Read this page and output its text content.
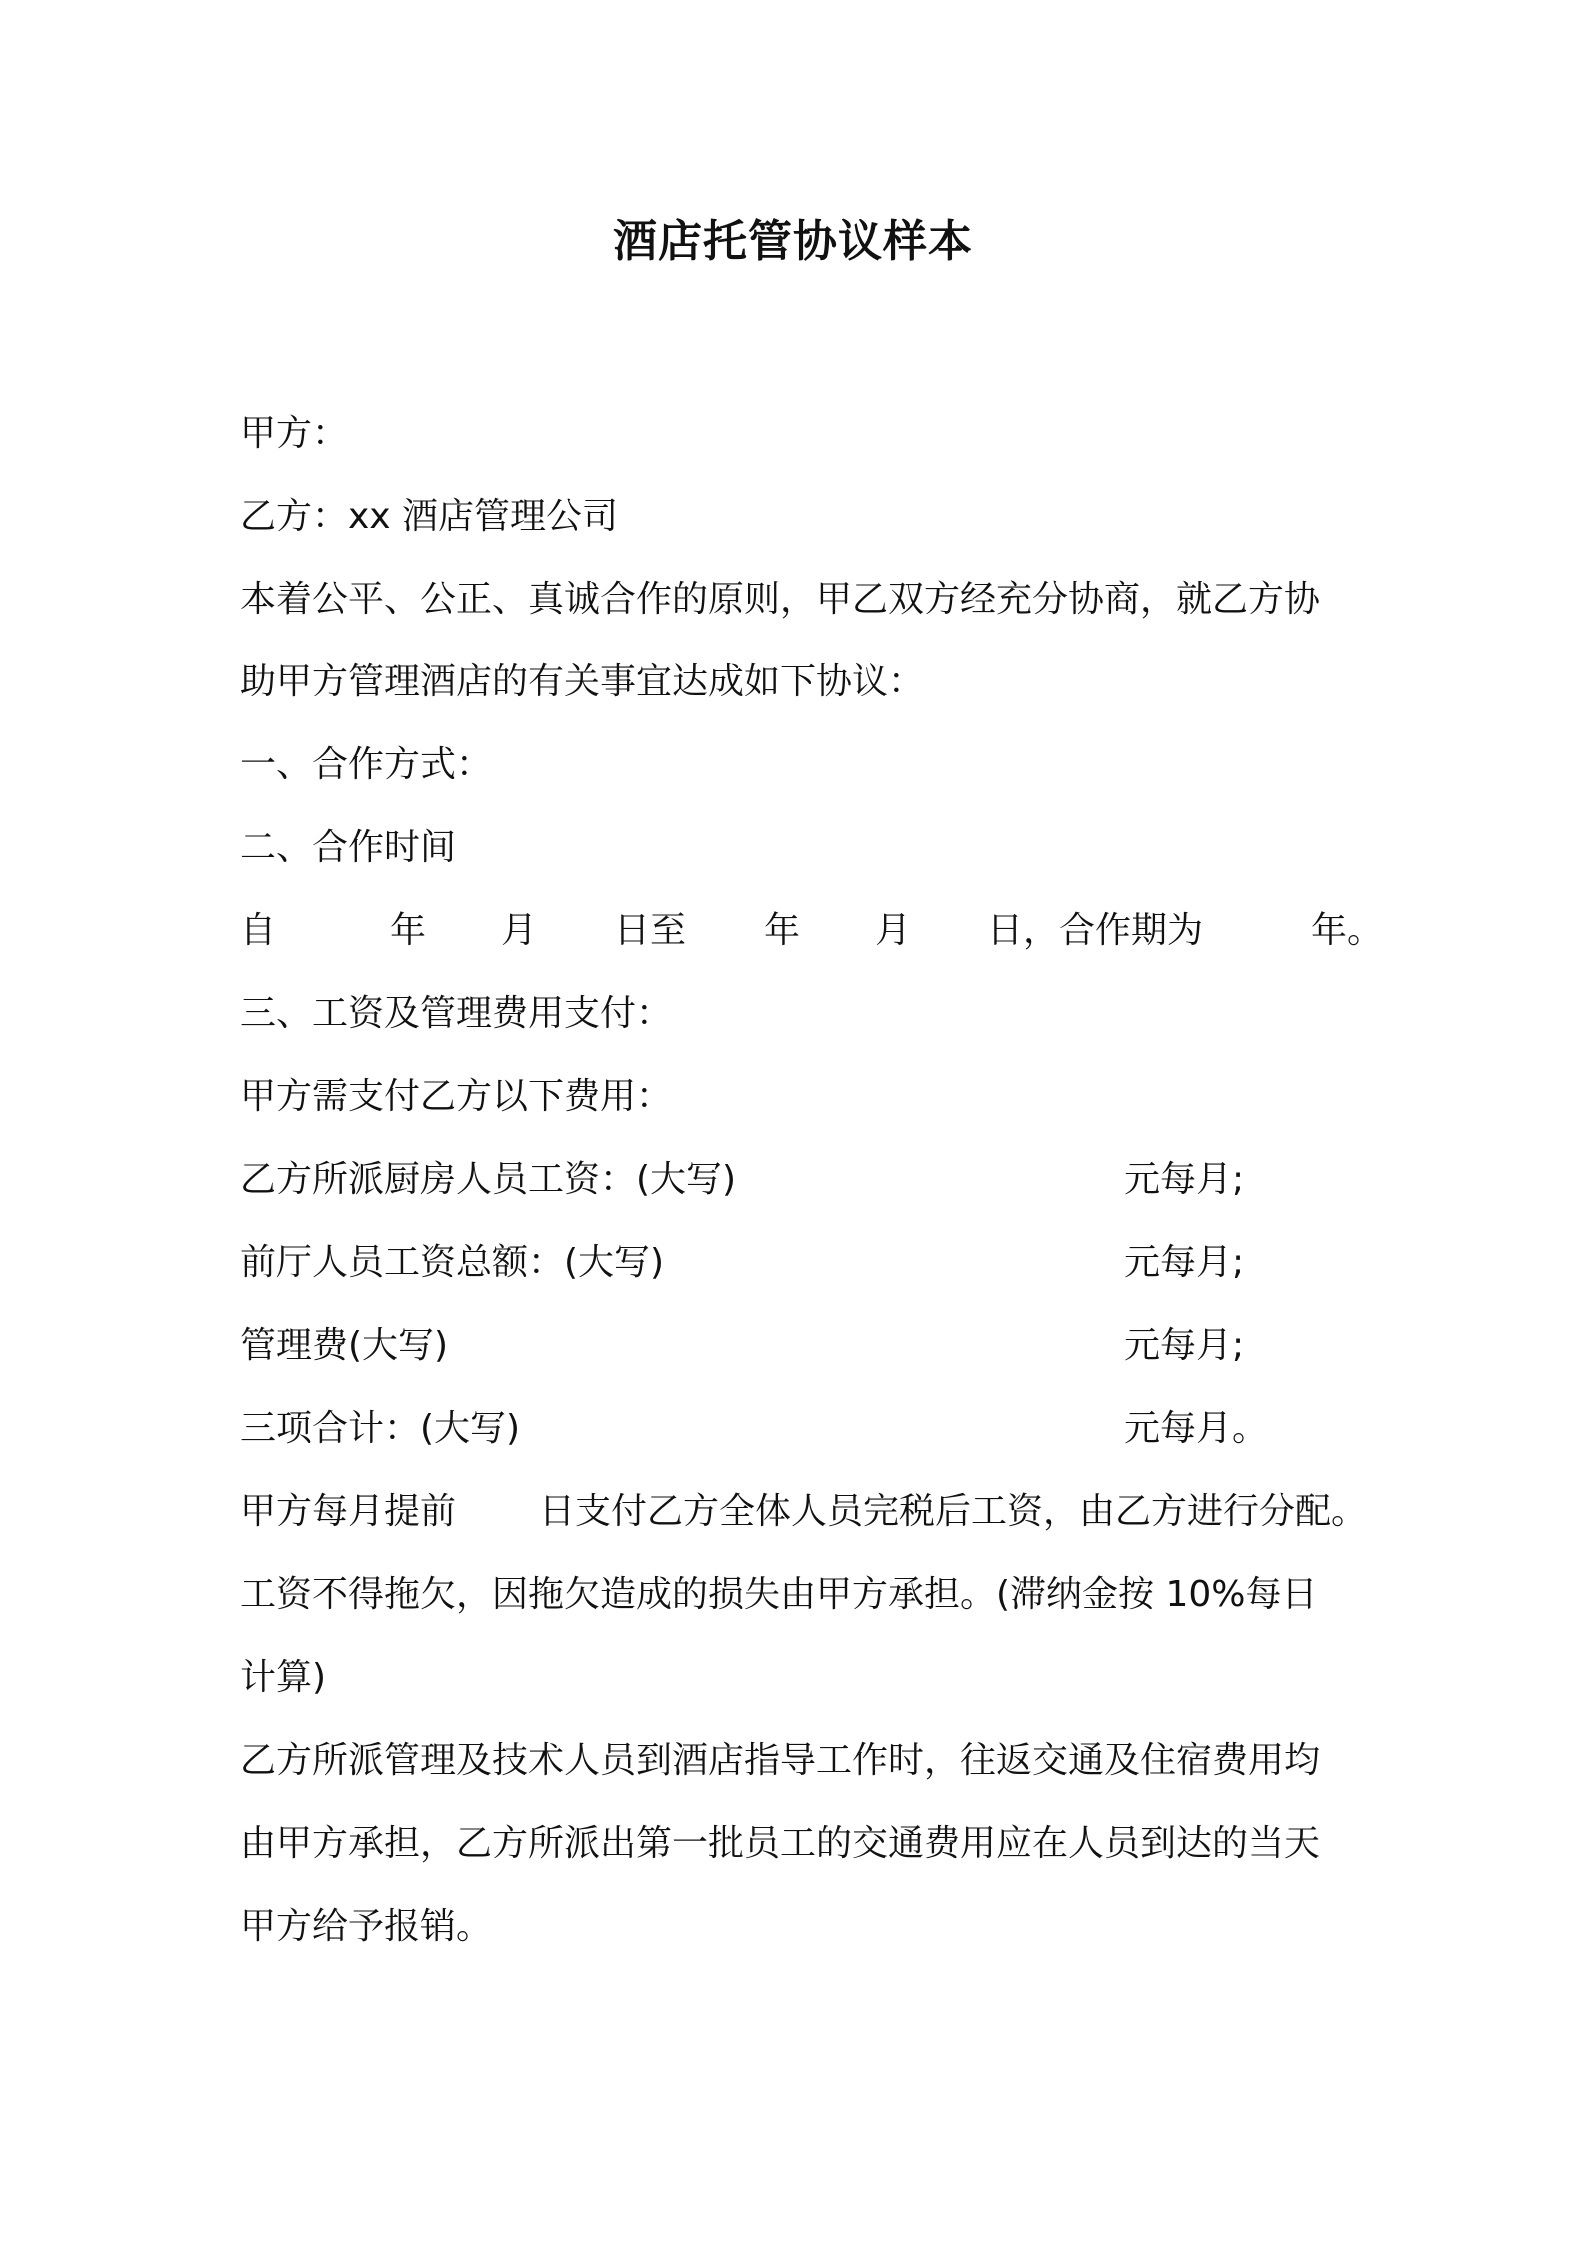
酒店托管协议样本
甲方：
乙方：xx 酒店管理公司
本着公平、公正、真诚合作的原则，甲乙双方经充分协商，就乙方协
助甲方管理酒店的有关事宜达成如下协议：
一、合作方式：
二、合作时间
自	年 月 日至 年 月 日，合作期为	年。
三、工资及管理费用支付：
甲方需支付乙方以下费用：
乙方所派厨房人员工资：(大写)	元每月;
前厅人员工资总额：(大写)	元每月;
管理费(大写)	元每月;
三项合计：(大写)	元每月。
甲方每月提前 日支付乙方全体人员完税后工资，由乙方进行分配。
工资不得拖欠，因拖欠造成的损失由甲方承担。(滞纳金按 10%每日
计算)
乙方所派管理及技术人员到酒店指导工作时，往返交通及住宿费用均
由甲方承担，乙方所派出第一批员工的交通费用应在人员到达的当天
甲方给予报销。
